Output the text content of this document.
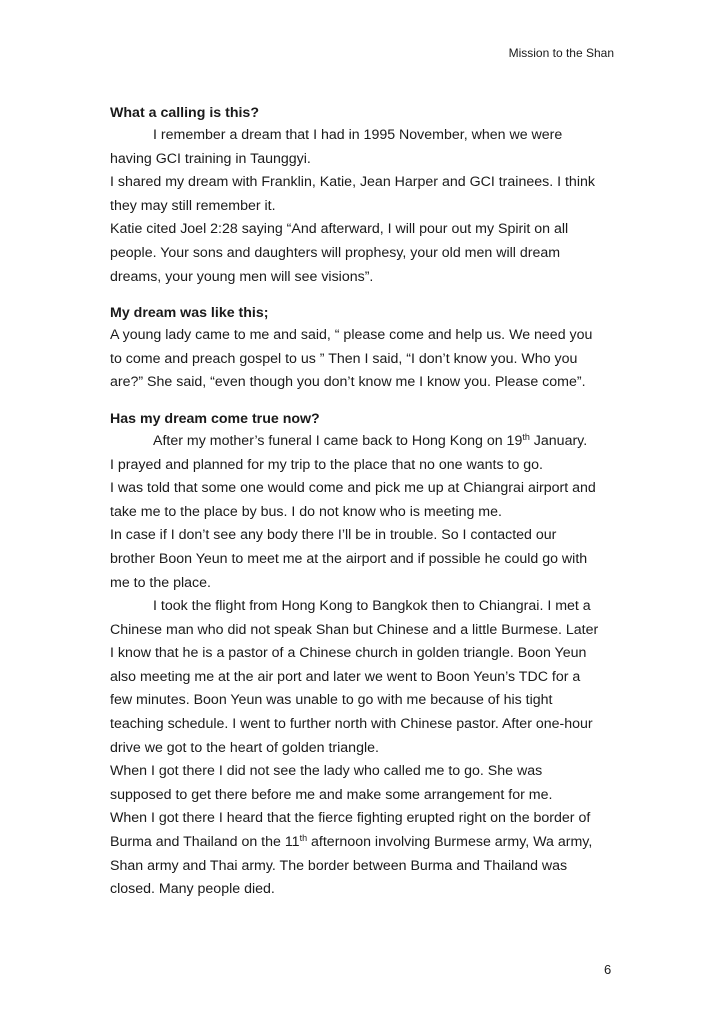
Mission to the Shan
What a calling is this?
I remember a dream that I had in 1995 November, when we were
having GCI training in Taunggyi.
I shared my dream with Franklin, Katie, Jean Harper and GCI trainees. I think
they may still remember it.
Katie cited Joel 2:28 saying “And afterward, I will pour out my Spirit on all
people. Your sons and daughters will prophesy, your old men will dream
dreams, your young men will see visions”.
My dream was like this;
A young lady came to me and said, “ please come and help us. We need you
to come and preach gospel to us ” Then I said, “I don’t know you. Who you
are?” She said, “even though you don’t know me I know you. Please come”.
Has my dream come true now?
After my mother’s funeral I came back to Hong Kong on 19th January.
I prayed and planned for my trip to the place that no one wants to go.
I was told that some one would come and pick me up at Chiangrai airport and
take me to the place by bus. I do not know who is meeting me.
In case if I don’t see any body there I’ll be in trouble. So I contacted our
brother Boon Yeun to meet me at the airport and if possible he could go with
me to the place.
I took the flight from Hong Kong to Bangkok then to Chiangrai. I met a
Chinese man who did not speak Shan but Chinese and a little Burmese. Later
I know that he is a pastor of a Chinese church in golden triangle. Boon Yeun
also meeting me at the air port and later we went to Boon Yeun’s TDC for a
few minutes. Boon Yeun was unable to go with me because of his tight
teaching schedule. I went to further north with Chinese pastor. After one-hour
drive we got to the heart of golden triangle.
When I got there I did not see the lady who called me to go. She was
supposed to get there before me and make some arrangement for me.
When I got there I heard that the fierce fighting erupted right on the border of
Burma and Thailand on the 11th afternoon involving Burmese army, Wa army,
Shan army and Thai army. The border between Burma and Thailand was
closed. Many people died.
6
